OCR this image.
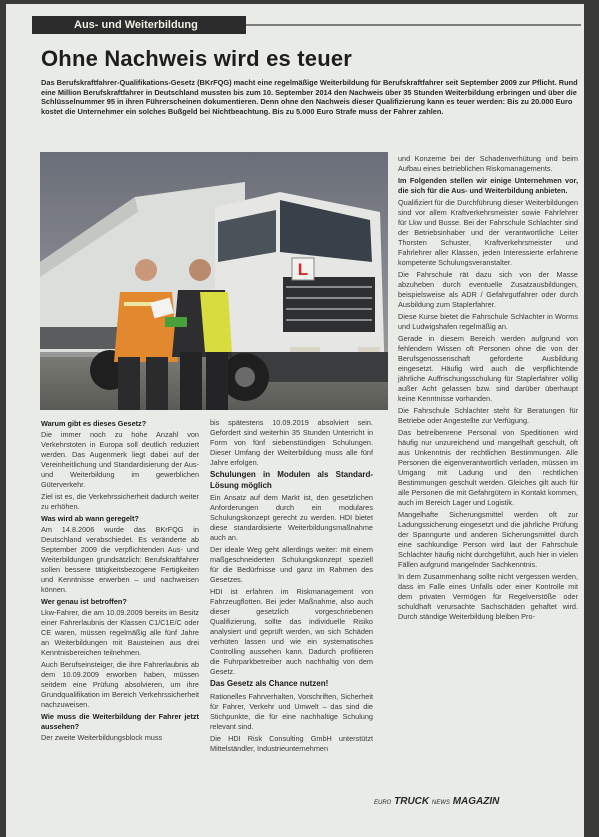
Aus- und Weiterbildung
Ohne Nachweis wird es teuer
Das Berufskraftfahrer-Qualifikations-Gesetz (BKrFQG) macht eine regelmäßige Weiterbildung für Berufskraftfahrer seit September 2009 zur Pflicht. Rund eine Million Berufskraftfahrer in Deutschland mussten bis zum 10. September 2014 den Nachweis über 35 Stunden Weiterbildung erbringen und über die Schlüsselnummer 95 in ihren Führerscheinen dokumentieren. Denn ohne den Nachweis dieser Qualifizierung kann es teuer werden: Bis zu 20.000 Euro kostet die Unternehmer ein solches Bußgeld bei Nichtbeachtung. Bis zu 5.000 Euro Strafe muss der Fahrer zahlen.
L

Warum gibt es dieses Gesetz?

Die immer noch zu hohe Anzahl von Verkehrstoten in Europa soll deutlich reduziert werden. Das Augenmerk liegt dabei auf der Vereinheitlichung und Standardisierung der Aus- und Weiterbildung im gewerblichen Güterverkehr.

Ziel ist es, die Verkehrssicherheit dadurch weiter zu erhöhen.

Was wird ab wann geregelt?

Am 14.8.2006 wurde das BKrFQG in Deutschland verabschiedet. Es veränderte ab September 2009 die verpflichtenden Aus- und Weiterbildungen grundsätzlich: Berufskraftfahrer sollen bessere tätigkeitsbezogene Fertigkeiten und Kenntnisse erwerben – und nachweisen können.

Wer genau ist betroffen?

Lkw-Fahrer, die am 10.09.2009 bereits im Besitz einer Fahrerlaubnis der Klassen C1/C1E/C oder CE waren, müssen regelmäßig alle fünf Jahre an Weiterbildungen mit Bausteinen aus drei Kenntnisbereichen teilnehmen.

Auch Berufseinsteiger, die ihre Fahrerlaubnis ab dem 10.09.2009 erworben haben, müssen seitdem eine Prüfung absolvieren, um ihre Grundqualifikation im Bereich Verkehrssicherheit nachzuweisen.

Wie muss die Weiterbildung der Fahrer jetzt aussehen?

Der zweite Weiterbildungsblock muss

bis spätestens 10.09.2019 absolviert sein. Gefordert sind weiterhin 35 Stunden Unterricht in Form von fünf siebenstündigen Schulungen. Dieser Umfang der Weiterbildung muss alle fünf Jahre erfolgen.

Schulungen in Modulen als Standard-Lösung möglich

Ein Ansatz auf dem Markt ist, den gesetzlichen Anforderungen durch ein modulares Schulungskonzept gerecht zu werden. HDI bietet diese standardisierte Weiterbildungsmaßnahme auch an.

Der ideale Weg geht allerdings weiter: mit einem maßgeschneiderten Schulungskonzept speziell für die Bedürfnisse und ganz im Rahmen des Gesetzes.

HDI ist erfahren im Riskmanagement von Fahrzeugflotten. Bei jeder Maßnahme, also auch dieser gesetzlich vorgeschriebenen Qualifizierung, sollte das individuelle Risiko analysiert und geprüft werden, wo sich Schäden verhüten lassen und wie ein systematisches Controlling aussehen kann. Dadurch profitieren die Fuhrparkbetreiber auch nachhaltig von dem Gesetz.

Das Gesetz als Chance nutzen!

Rationelles Fahrverhalten, Vorschriften, Sicherheit für Fahrer, Verkehr und Umwelt – das sind die Stichpunkte, die für eine nachhaltige Schulung relevant sind.

Die HDI Risk Consulting GmbH unterstützt Mittelständler, Industrieunternehmen

und Konzerne bei der Schadenverhütung und beim Aufbau eines betrieblichen Riskomanagements.

Im Folgenden stellen wir einige Unternehmen vor, die sich für die Aus- und Weiterbildung anbieten.

Qualifiziert für die Durchführung dieser Weiterbildungen sind vor allem Kraftverkehrsmeister sowie Fahrlehrer für Lkw und Busse. Bei der Fahrschule Schlachter sind der Betriebsinhaber und der verantwortliche Leiter Thorsten Schuster, Kraftverkehrsmeister und Fahrlehrer aller Klassen, jeden Interessierte erfahrene kompetente Schulungsveranstalter.

Die Fahrschule rät dazu sich von der Masse abzuheben durch eventuelle Zusatzausbildungen, beispielsweise als ADR / Gefahrgutfahrer oder durch Ausbildung zum Staplerfahrer.

Diese Kurse bietet die Fahrschule Schlachter in Worms und Ludwigshafen regelmäßig an.

Gerade in diesem Bereich werden aufgrund von fehlendem Wissen oft Personen ohne die von der Berufsgenossenschaft geforderte Ausbildung eingesetzt. Häufig wird auch die verpflichtende jährliche Auffrischungsschulung für Staplerfahrer völlig außer Acht gelassen bzw. sind darüber überhaupt keine Kenntnisse vorhanden.

Die Fahrschule Schlachter steht für Beratungen für Betriebe oder Angestellte zur Verfügung.

Das betreibenrene Personal von Speditionen wird häufig nur unzureichend und mangelhaft geschult, oft aus Unkenntnis der rechtlichen Bestimmungen. Alle Personen die eigenverantwortlich verladen, müssen im Umgang mit Ladung und den rechtlichen Bestimmungen geschult werden. Gleiches gilt auch für alle Personen die mit Gefahrgütern in Kontakt kommen, auch im Bereich Lager und Logistik.

Mangelhafte Sicherungsmittel werden oft zur Ladungssicherung eingesetzt und die jährliche Prüfung der Spanngurte und anderen Sicherungsmittel durch eine sachkundige Person wird laut der Fahrschule Schlachter häufig nicht durchgeführt, auch hier in vielen Fällen aufgrund mangelnder Sachkenntnis.

In dem Zusammenhang sollte nicht vergessen werden, dass im Falle eines Unfalls oder einer Kontrolle mit dem privaten Vermögen für Regelverstöße oder schuldhaft verursachte Sachschäden gehaftet wird. Durch ständige Weiterbildung bleiben Pro-

EURO TRUCK NEWS MAGAZIN
